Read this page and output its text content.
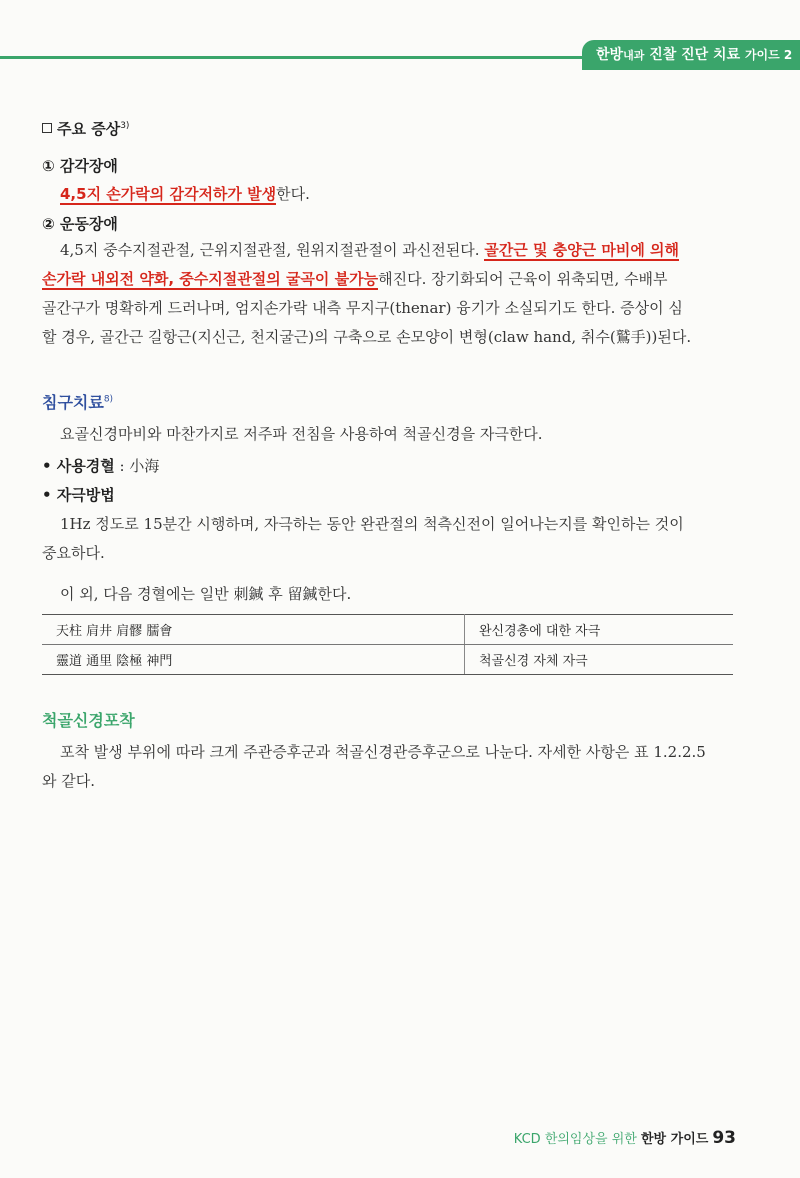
한방내과 진찰 진단 치료 가이드 2
주요 증상$^{3)}$
① 감각장애
4,5지 손가락의 감각저하가 발생한다.
② 운동장애
4,5지 중수지절관절, 근위지절관절, 원위지절관절이 과신전된다. 골간근 및 충양근 마비에 의해
손가락 내외전 약화, 중수지절관절의 굴곡이 불가능해진다. 장기화되어 근육이 위축되면, 수배부
골간구가 명확하게 드러나며, 엄지손가락 내측 무지구(thenar) 융기가 소실되기도 한다. 증상이 심
할 경우, 골간근 길항근(지신근, 천지굴근)의 구축으로 손모양이 변형(claw hand, 취수(鷲手))된다.
침구치료$^{8)}$
요골신경마비와 마찬가지로 저주파 전침을 사용하여 척골신경을 자극한다.
• 사용경혈 : 小海
• 자극방법
1Hz 정도로 15분간 시행하며, 자극하는 동안 완관절의 척측신전이 일어나는지를 확인하는 것이
중요하다.
이 외, 다음 경혈에는 일반 刺鍼 후 留鍼한다.
天柱 肩井 肩髎 臑會	완신경총에 대한 자극
靈道 通里 陰極 神門	척골신경 자체 자극
척골신경포착
포착 발생 부위에 따라 크게 주관증후군과 척골신경관증후군으로 나눈다. 자세한 사항은 표 1.2.2.5
와 같다.
KCD 한의임상을 위한 한방 가이드 93
